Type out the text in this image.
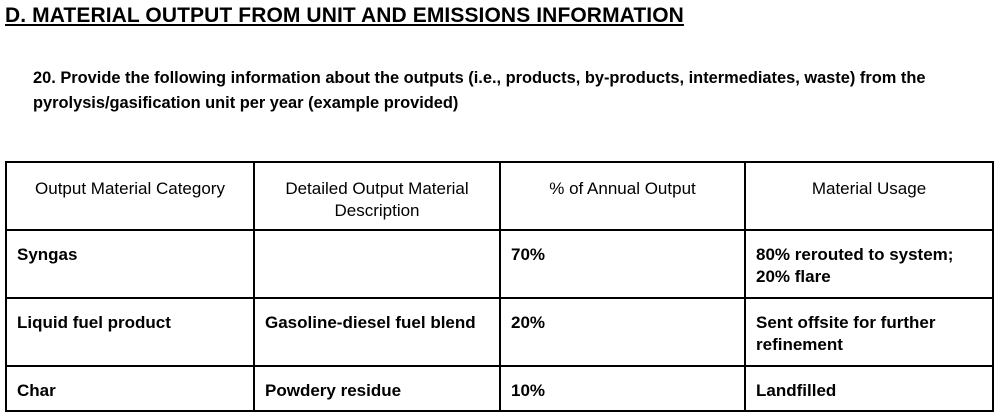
D. MATERIAL OUTPUT FROM UNIT AND EMISSIONS INFORMATION

20. Provide the following information about the outputs (i.e., products, by-products, intermediates, waste) from the pyrolysis/gasification unit per year (example provided)

Output Material Category	Detailed Output Material Description	% of Annual Output	Material Usage
Syngas		70%	80% rerouted to system; 20% flare
Liquid fuel product	Gasoline-diesel fuel blend	20%	Sent offsite for further refinement
Char	Powdery residue	10%	Landfilled
